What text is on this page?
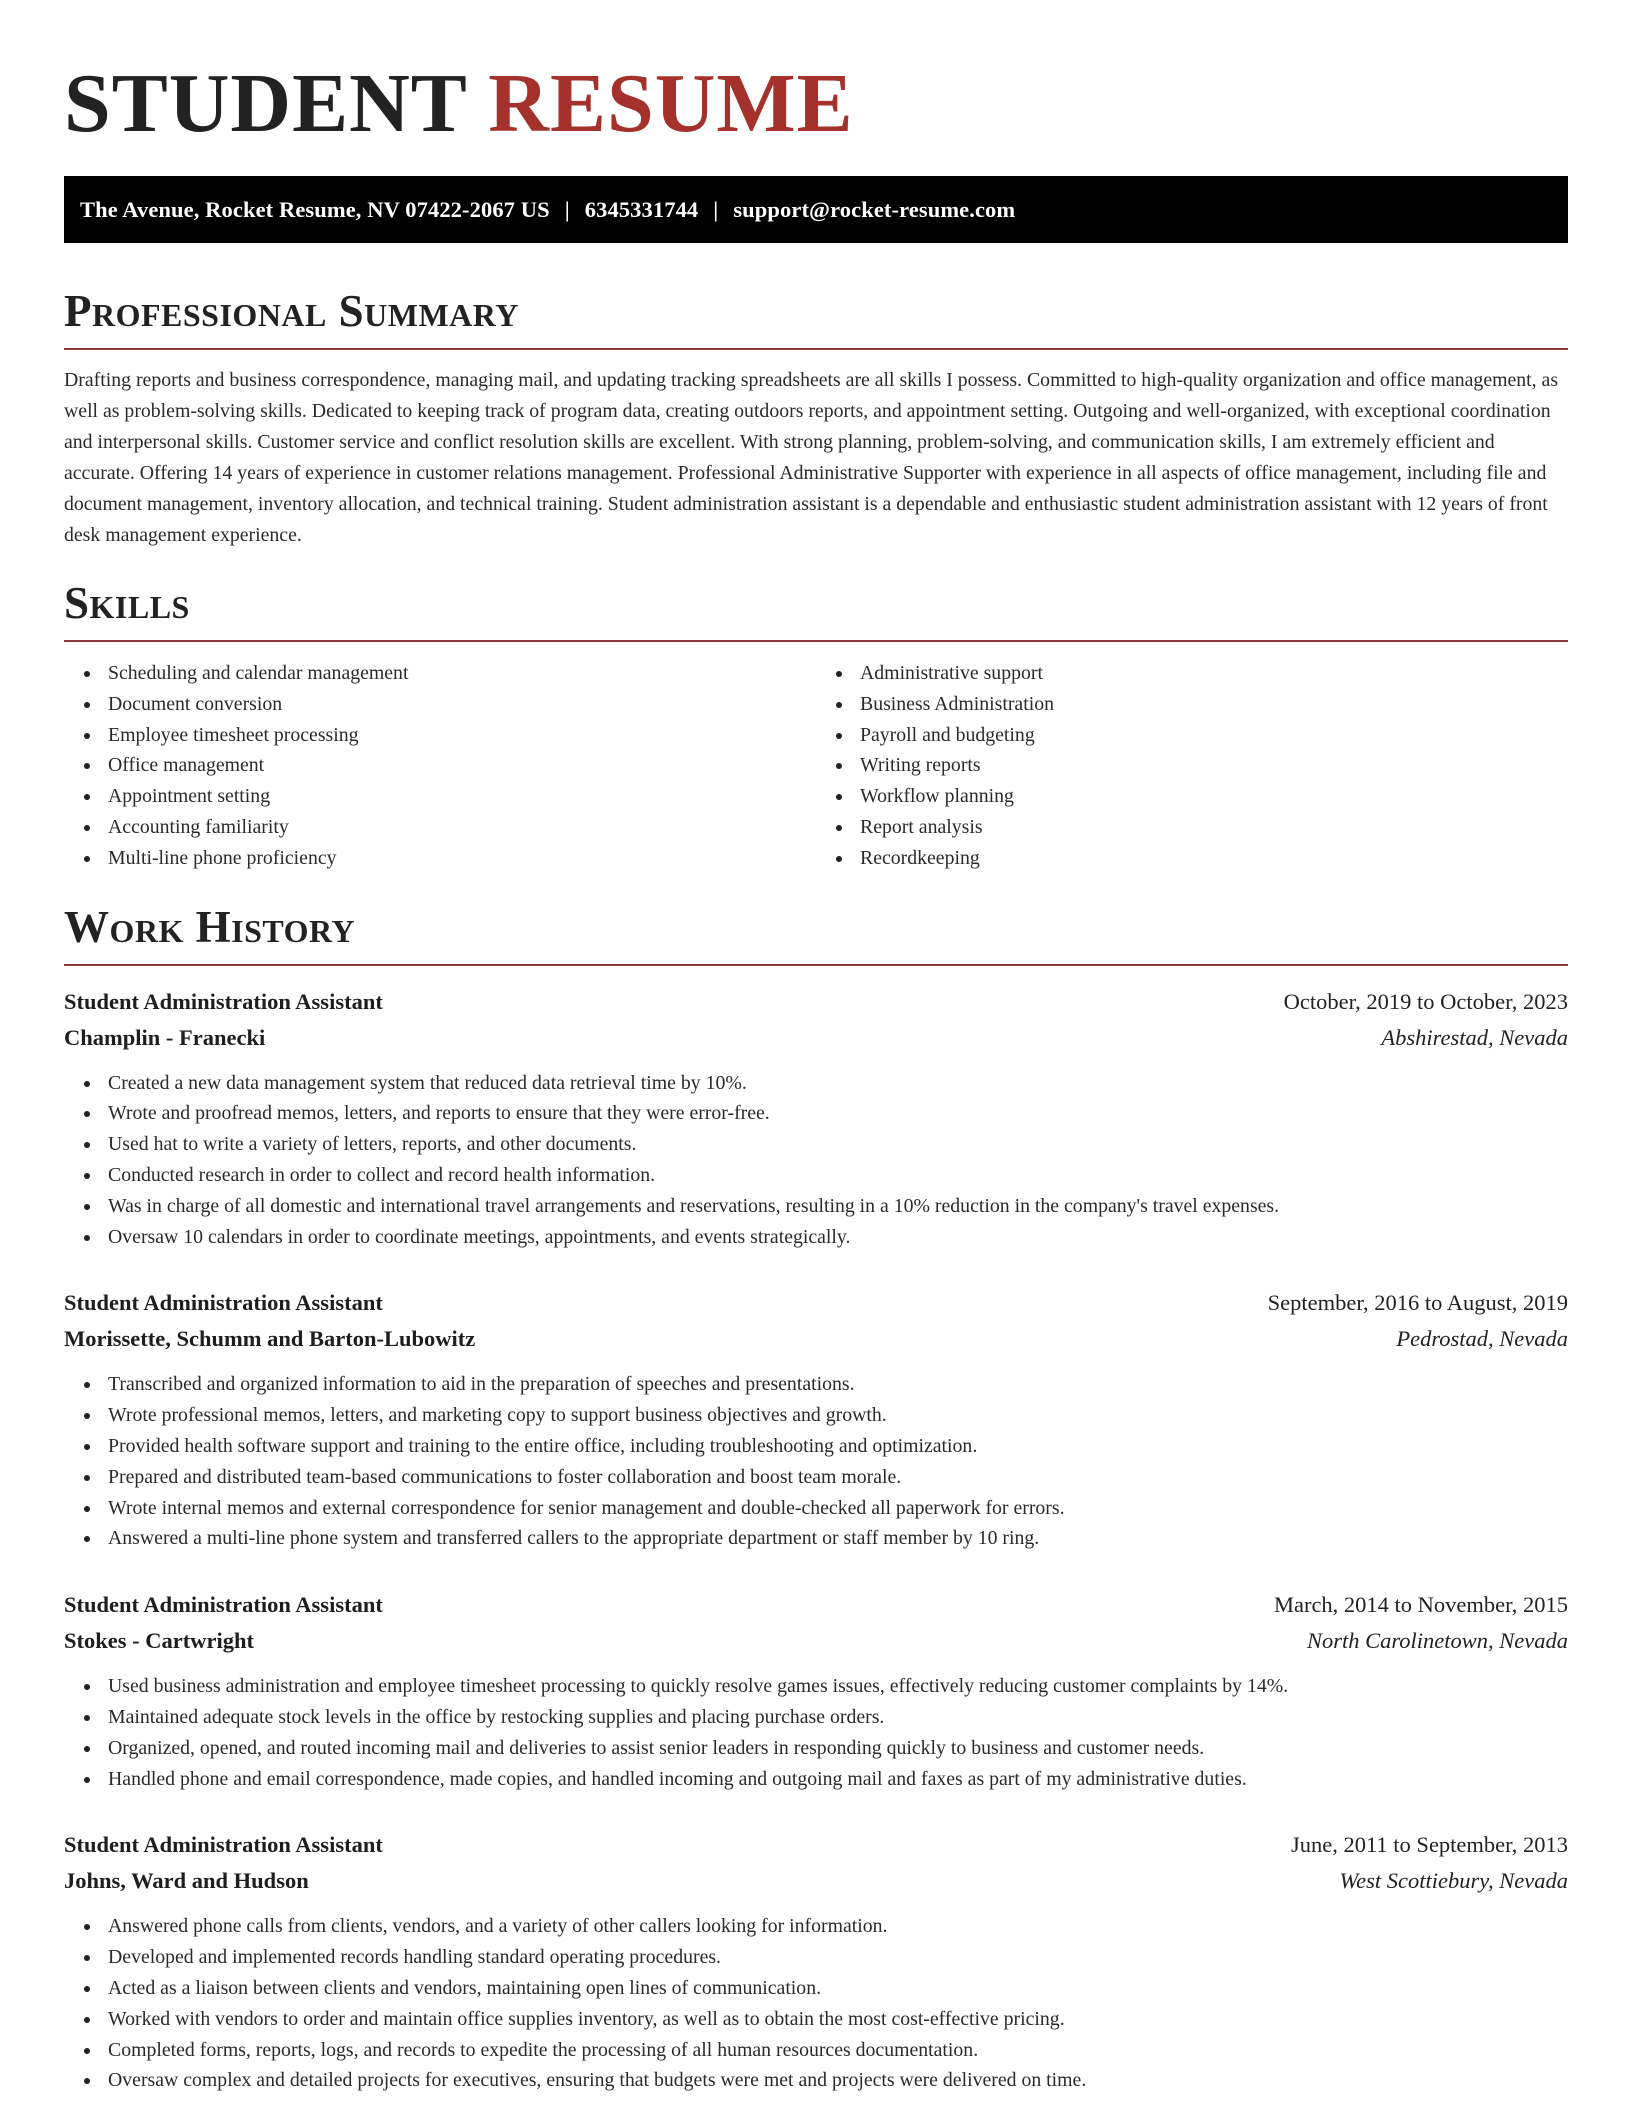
STUDENT RESUME
The Avenue, Rocket Resume, NV 07422-2067 US | 6345331744 | support@rocket-resume.com
Professional Summary

Drafting reports and business correspondence, managing mail, and updating tracking spreadsheets are all skills I possess. Committed to high-quality organization and office management, as well as problem-solving skills. Dedicated to keeping track of program data, creating outdoors reports, and appointment setting. Outgoing and well-organized, with exceptional coordination and interpersonal skills. Customer service and conflict resolution skills are excellent. With strong planning, problem-solving, and communication skills, I am extremely efficient and accurate. Offering 14 years of experience in customer relations management. Professional Administrative Supporter with experience in all aspects of office management, including file and document management, inventory allocation, and technical training. Student administration assistant is a dependable and enthusiastic student administration assistant with 12 years of front desk management experience.

Skills
Scheduling and calendar management
Document conversion
Employee timesheet processing
Office management
Appointment setting
Accounting familiarity
Multi-line phone proficiency
Administrative support
Business Administration
Payroll and budgeting
Writing reports
Workflow planning
Report analysis
Recordkeeping
Work History
Student Administration Assistant	October, 2019 to October, 2023
Champlin - Franecki	Abshirestad, Nevada
Created a new data management system that reduced data retrieval time by 10%.
Wrote and proofread memos, letters, and reports to ensure that they were error-free.
Used hat to write a variety of letters, reports, and other documents.
Conducted research in order to collect and record health information.
Was in charge of all domestic and international travel arrangements and reservations, resulting in a 10% reduction in the company's travel expenses.
Oversaw 10 calendars in order to coordinate meetings, appointments, and events strategically.
Student Administration Assistant	September, 2016 to August, 2019
Morissette, Schumm and Barton-Lubowitz	Pedrostad, Nevada
Transcribed and organized information to aid in the preparation of speeches and presentations.
Wrote professional memos, letters, and marketing copy to support business objectives and growth.
Provided health software support and training to the entire office, including troubleshooting and optimization.
Prepared and distributed team-based communications to foster collaboration and boost team morale.
Wrote internal memos and external correspondence for senior management and double-checked all paperwork for errors.
Answered a multi-line phone system and transferred callers to the appropriate department or staff member by 10 ring.
Student Administration Assistant	March, 2014 to November, 2015
Stokes - Cartwright	North Carolinetown, Nevada
Used business administration and employee timesheet processing to quickly resolve games issues, effectively reducing customer complaints by 14%.
Maintained adequate stock levels in the office by restocking supplies and placing purchase orders.
Organized, opened, and routed incoming mail and deliveries to assist senior leaders in responding quickly to business and customer needs.
Handled phone and email correspondence, made copies, and handled incoming and outgoing mail and faxes as part of my administrative duties.
Student Administration Assistant	June, 2011 to September, 2013
Johns, Ward and Hudson	West Scottiebury, Nevada
Answered phone calls from clients, vendors, and a variety of other callers looking for information.
Developed and implemented records handling standard operating procedures.
Acted as a liaison between clients and vendors, maintaining open lines of communication.
Worked with vendors to order and maintain office supplies inventory, as well as to obtain the most cost-effective pricing.
Completed forms, reports, logs, and records to expedite the processing of all human resources documentation.
Oversaw complex and detailed projects for executives, ensuring that budgets were met and projects were delivered on time.
